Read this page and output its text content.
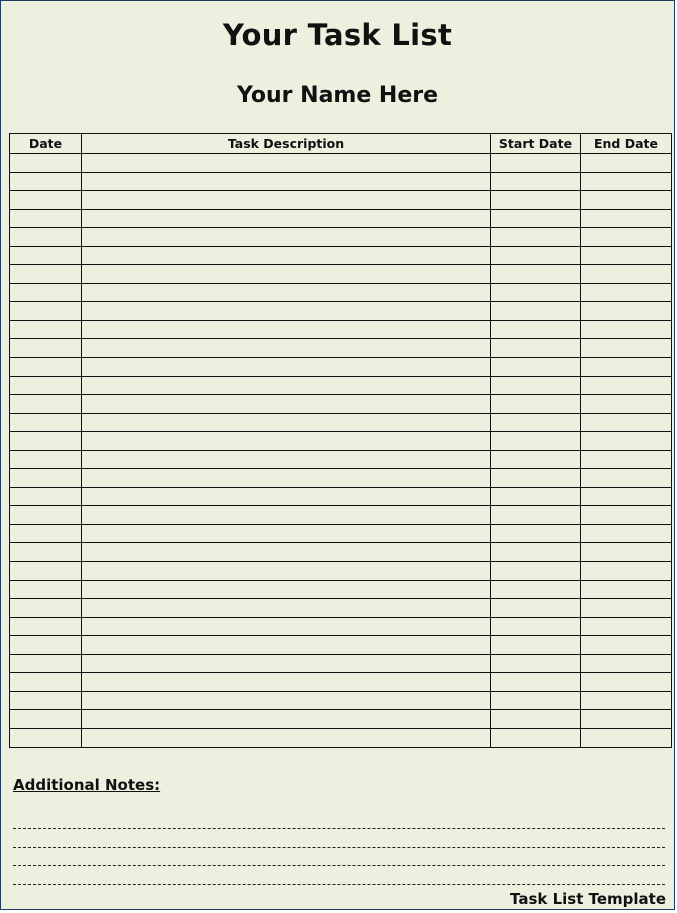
Your Task List
Your Name Here
Date	Task Description	Start Date	End Date

Additional Notes:
Task List Template
